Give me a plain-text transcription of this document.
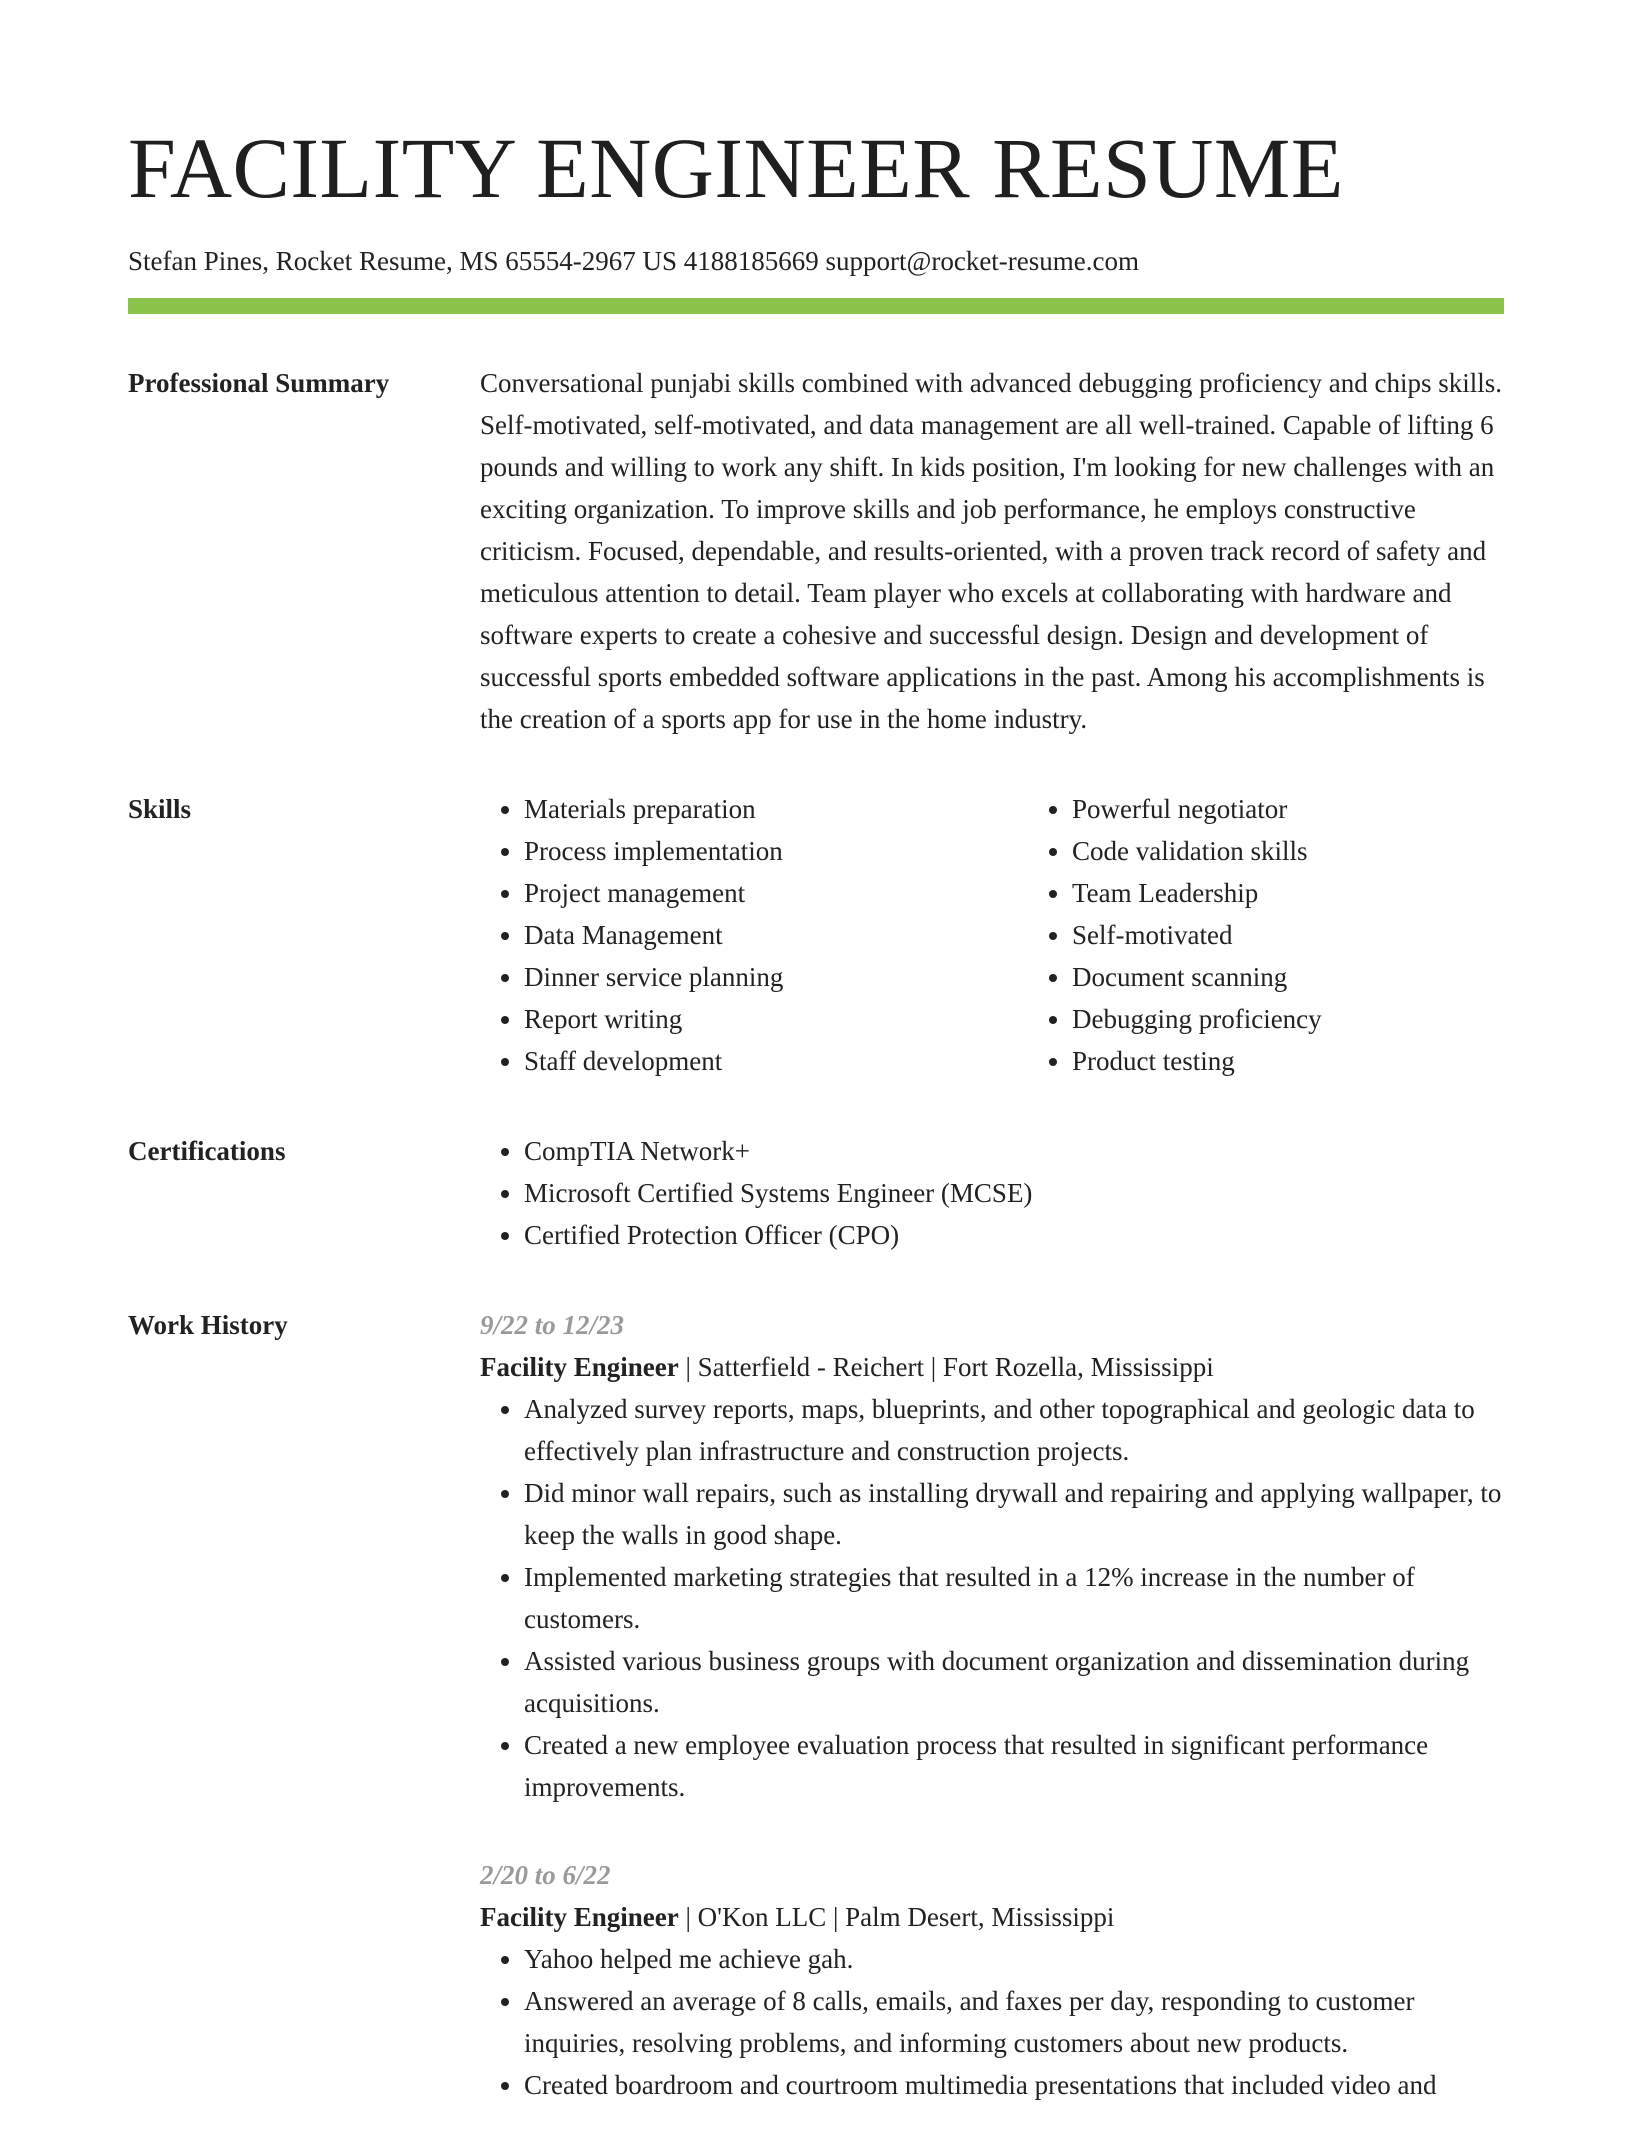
FACILITY ENGINEER RESUME
Stefan Pines, Rocket Resume, MS 65554-2967 US 4188185669 support@rocket-resume.com
Professional Summary	Conversational punjabi skills combined with advanced debugging proficiency and chips skills. Self-motivated, self-motivated, and data management are all well-trained. Capable of lifting 6 pounds and willing to work any shift. In kids position, I'm looking for new challenges with an exciting organization. To improve skills and job performance, he employs constructive criticism. Focused, dependable, and results-oriented, with a proven track record of safety and meticulous attention to detail. Team player who excels at collaborating with hardware and software experts to create a cohesive and successful design. Design and development of successful sports embedded software applications in the past. Among his accomplishments is the creation of a sports app for use in the home industry.

Skills	• Materials preparation
• Process implementation
• Project management
• Data Management
• Dinner service planning
• Report writing
• Staff development
• Powerful negotiator
• Code validation skills
• Team Leadership
• Self-motivated
• Document scanning
• Debugging proficiency
• Product testing
Certifications	• CompTIA Network+
• Microsoft Certified Systems Engineer (MCSE)
• Certified Protection Officer (CPO)
Work History	9/22 to 12/23
Facility Engineer | Satterfield - Reichert | Fort Rozella, Mississippi
• Analyzed survey reports, maps, blueprints, and other topographical and geologic data to effectively plan infrastructure and construction projects.
• Did minor wall repairs, such as installing drywall and repairing and applying wallpaper, to keep the walls in good shape.
• Implemented marketing strategies that resulted in a 12% increase in the number of customers.
• Assisted various business groups with document organization and dissemination during acquisitions.
• Created a new employee evaluation process that resulted in significant performance improvements.
2/20 to 6/22
Facility Engineer | O'Kon LLC | Palm Desert, Mississippi
• Yahoo helped me achieve gah.
• Answered an average of 8 calls, emails, and faxes per day, responding to customer inquiries, resolving problems, and informing customers about new products.
• Created boardroom and courtroom multimedia presentations that included video and
